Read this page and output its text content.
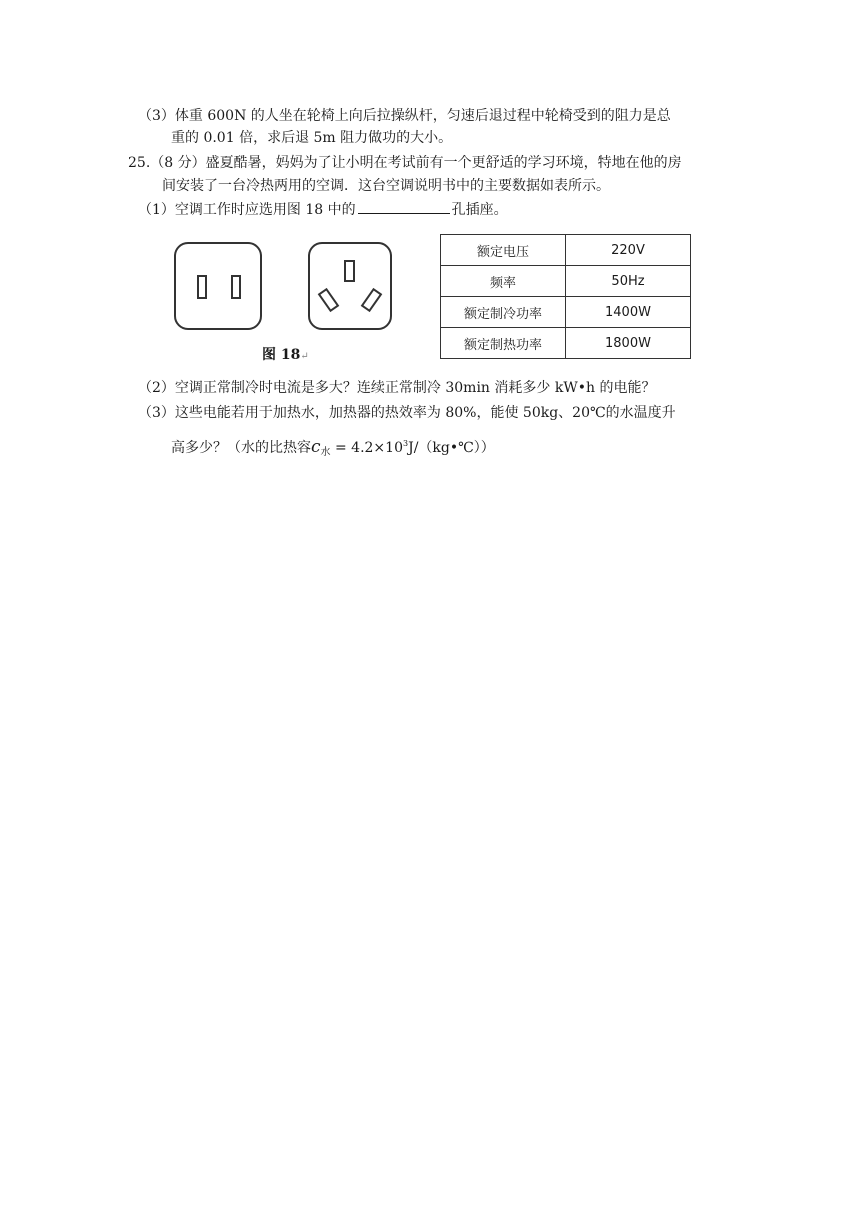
（3）体重 600N 的人坐在轮椅上向后拉操纵杆，匀速后退过程中轮椅受到的阻力是总
重的 0.01 倍，求后退 5m 阻力做功的大小。
25.（8 分）盛夏酷暑，妈妈为了让小明在考试前有一个更舒适的学习环境，特地在他的房
间安装了一台冷热两用的空调．这台空调说明书中的主要数据如表所示。
（1）空调工作时应选用图 18 中的	孔插座。
图 18↵
额定电压	220V
频率	50Hz
额定制冷功率	1400W
额定制热功率	1800W
（2）空调正常制冷时电流是多大？连续正常制冷 30min 消耗多少 kW•h 的电能？
（3）这些电能若用于加热水，加热器的热效率为 80%，能使 50kg、20℃的水温度升
高多少？（水的比热容$c_水$ = $4.2\times 10^3J/(kg•℃)$）
